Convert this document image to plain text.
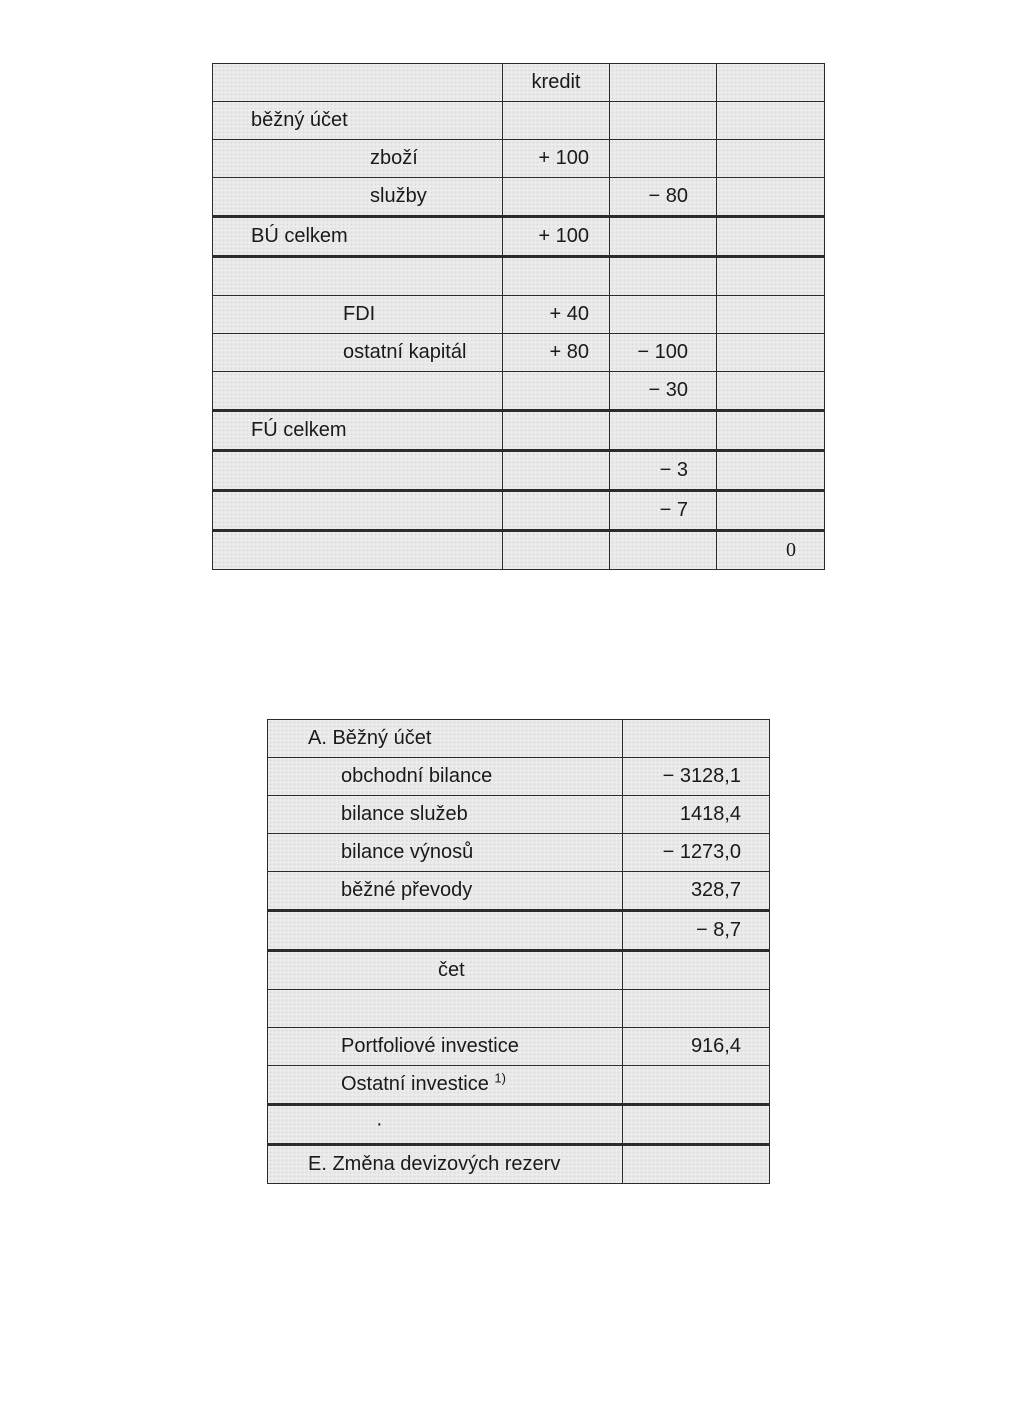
	kredit		
běžný účet			
zboží	+ 100		
služby		− 80	
BÚ celkem	+ 100		

FDI	+ 40		
ostatní kapitál	+ 80	− 100	
		− 30	
FÚ celkem			
		− 3	
		− 7	
			0
A. Běžný účet	
obchodní bilance	− 3128,1
bilance služeb	1418,4
bilance výnosů	− 1273,0
běžné převody	328,7
	− 8,7
čet	

Portfoliové investice	916,4
Ostatní investice $^{1)}$	
·	
E. Změna devizových rezerv	
